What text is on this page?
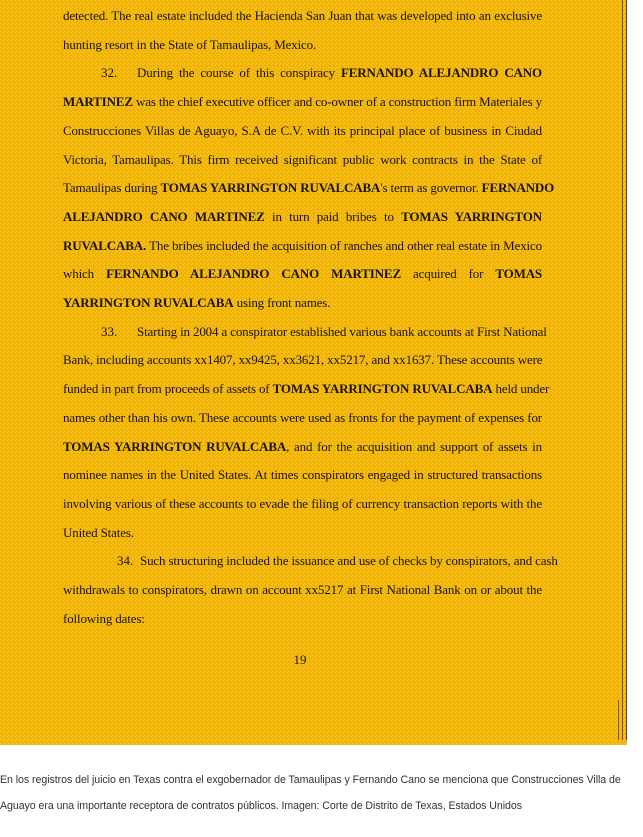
detected. The real estate included the Hacienda San Juan that was developed into an exclusive
hunting resort in the State of Tamaulipas, Mexico.
32. During the course of this conspiracy FERNANDO ALEJANDRO CANO
MARTINEZ was the chief executive officer and co-owner of a construction firm Materiales y
Construcciones Villas de Aguayo, S.A de C.V. with its principal place of business in Ciudad
Victoria, Tamaulipas. This firm received significant public work contracts in the State of
Tamaulipas during TOMAS YARRINGTON RUVALCABA's term as governor. FERNANDO
ALEJANDRO CANO MARTINEZ in turn paid bribes to TOMAS YARRINGTON
RUVALCABA. The bribes included the acquisition of ranches and other real estate in Mexico
which FERNANDO ALEJANDRO CANO MARTINEZ acquired for TOMAS
YARRINGTON RUVALCABA using front names.
33. Starting in 2004 a conspirator established various bank accounts at First National
Bank, including accounts xx1407, xx9425, xx3621, xx5217, and xx1637. These accounts were
funded in part from proceeds of assets of TOMAS YARRINGTON RUVALCABA held under
names other than his own. These accounts were used as fronts for the payment of expenses for
TOMAS YARRINGTON RUVALCABA, and for the acquisition and support of assets in
nominee names in the United States. At times conspirators engaged in structured transactions
involving various of these accounts to evade the filing of currency transaction reports with the
United States.
34. Such structuring included the issuance and use of checks by conspirators, and cash
withdrawals to conspirators, drawn on account xx5217 at First National Bank on or about the
following dates:
19
En los registros del juicio en Texas contra el exgobernador de Tamaulipas y Fernando Cano se menciona que Construcciones Villa de Aguayo era una importante receptora de contratos públicos. Imagen: Corte de Distrito de Texas, Estados Unidos
